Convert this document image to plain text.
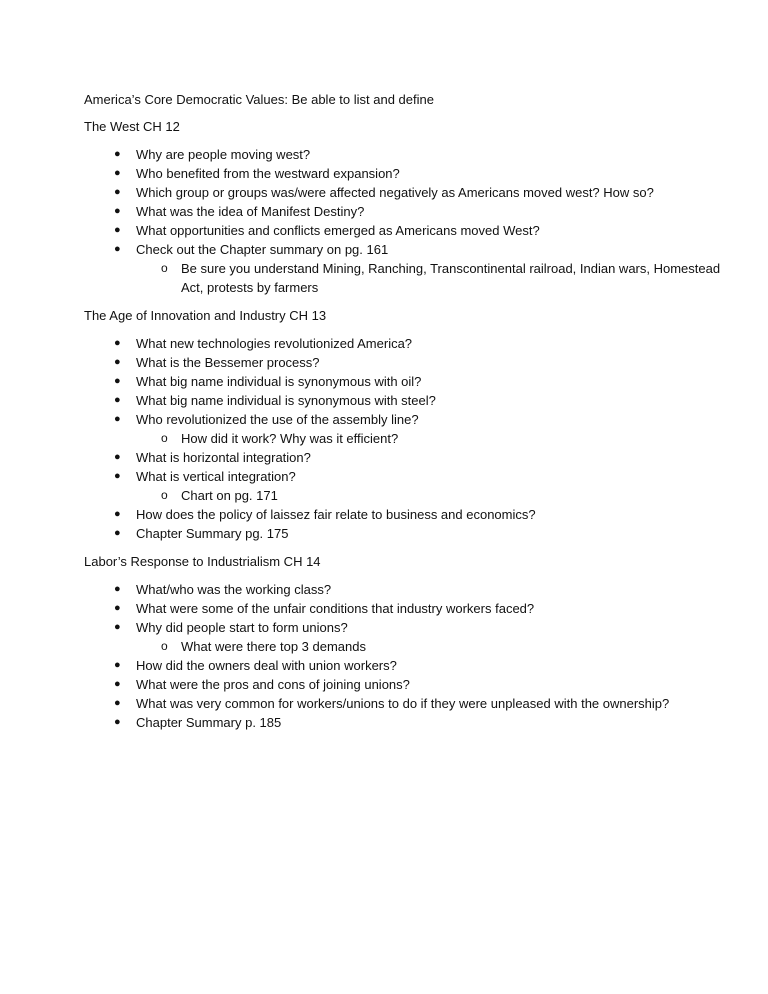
America’s Core Democratic Values: Be able to list and define

The West CH 12

● Why are people moving west?
● Who benefited from the westward expansion?
● Which group or groups was/were affected negatively as Americans moved west? How so?
● What was the idea of Manifest Destiny?
● What opportunities and conflicts emerged as Americans moved West?
● Check out the Chapter summary on pg. 161
o Be sure you understand Mining, Ranching, Transcontinental railroad, Indian wars, Homestead Act, protests by farmers

The Age of Innovation and Industry CH 13

● What new technologies revolutionized America?
● What is the Bessemer process?
● What big name individual is synonymous with oil?
● What big name individual is synonymous with steel?
● Who revolutionized the use of the assembly line?
o How did it work? Why was it efficient?
● What is horizontal integration?
● What is vertical integration?
o Chart on pg. 171
● How does the policy of laissez fair relate to business and economics?
● Chapter Summary pg. 175

Labor’s Response to Industrialism CH 14

● What/who was the working class?
● What were some of the unfair conditions that industry workers faced?
● Why did people start to form unions?
o What were there top 3 demands
● How did the owners deal with union workers?
● What were the pros and cons of joining unions?
● What was very common for workers/unions to do if they were unpleased with the ownership?
● Chapter Summary p. 185
